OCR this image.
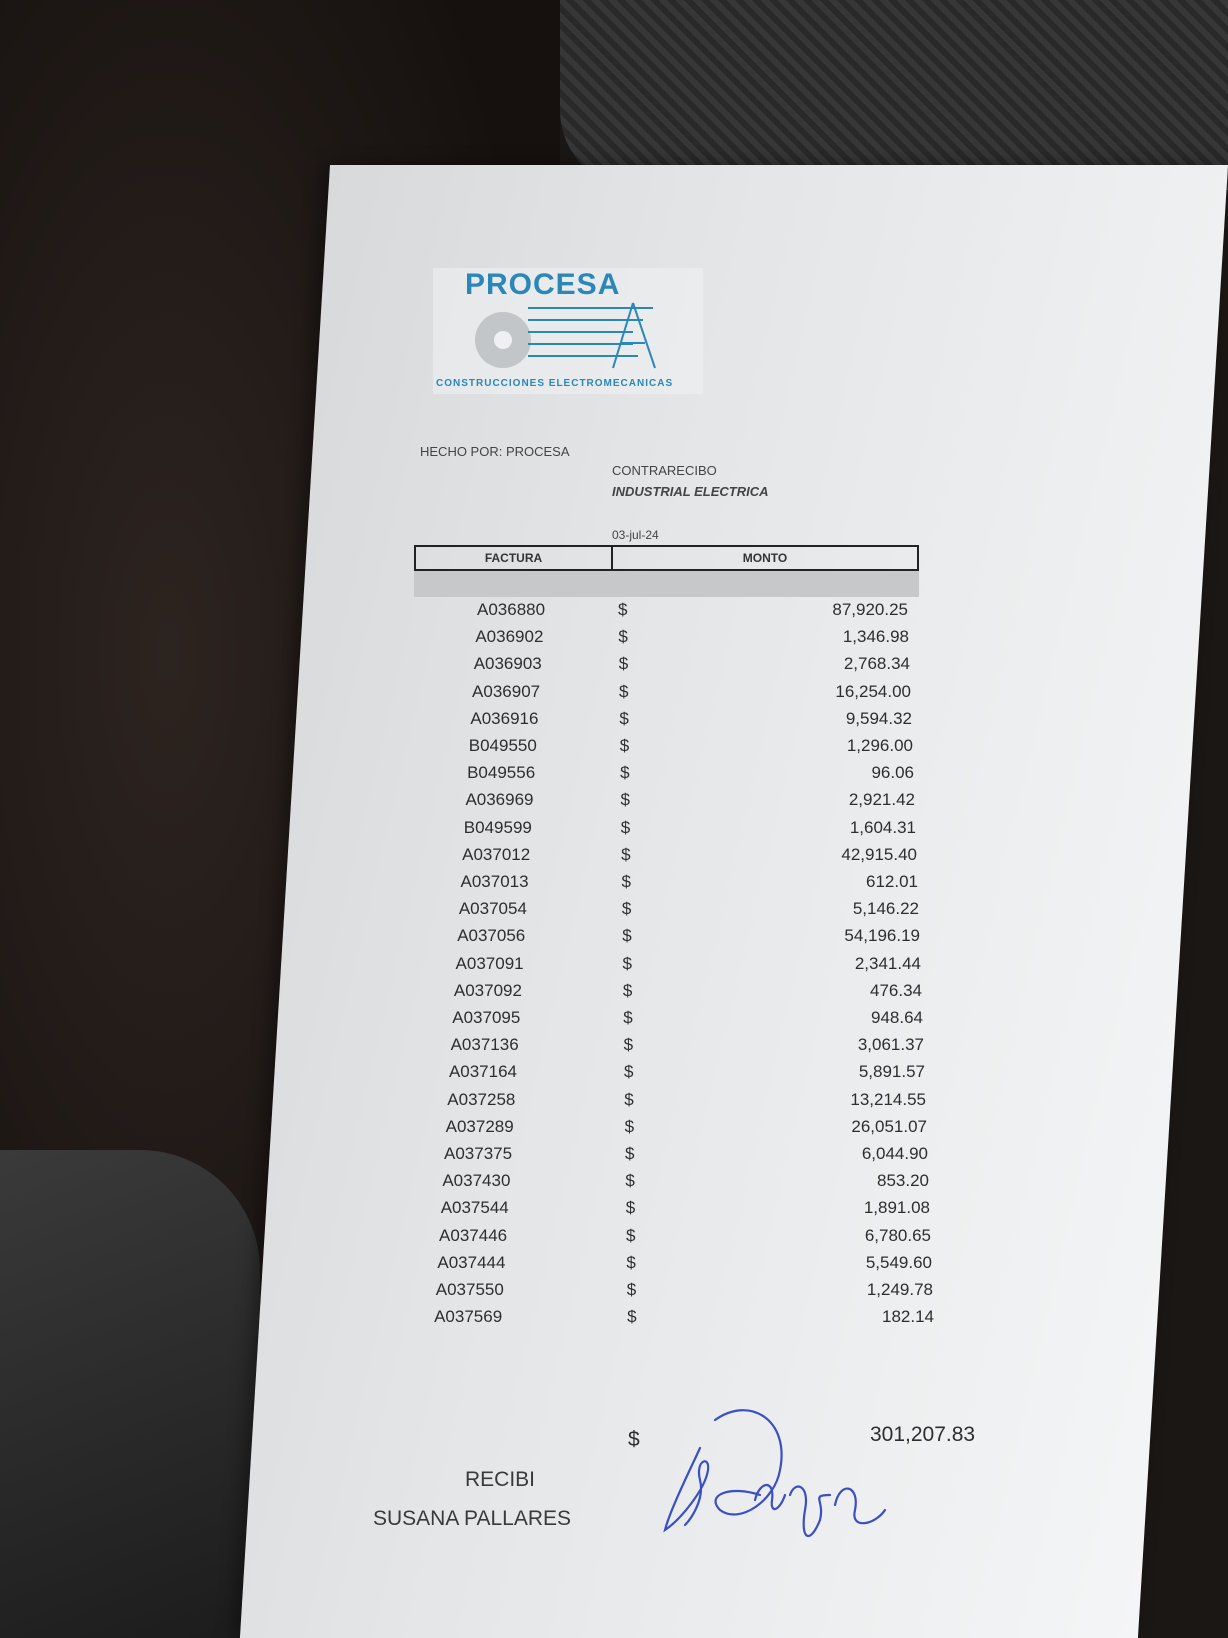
PROCESA
CONSTRUCCIONES ELECTROMECANICAS
HECHO POR: PROCESA
CONTRARECIBO
INDUSTRIAL ELECTRICA
03-jul-24
FACTURA	MONTO
A036880	$	87,920.25
A036902	$	1,346.98
A036903	$	2,768.34
A036907	$	16,254.00
A036916	$	9,594.32
B049550	$	1,296.00
B049556	$	96.06
A036969	$	2,921.42
B049599	$	1,604.31
A037012	$	42,915.40
A037013	$	612.01
A037054	$	5,146.22
A037056	$	54,196.19
A037091	$	2,341.44
A037092	$	476.34
A037095	$	948.64
A037136	$	3,061.37
A037164	$	5,891.57
A037258	$	13,214.55
A037289	$	26,051.07
A037375	$	6,044.90
A037430	$	853.20
A037544	$	1,891.08
A037446	$	6,780.65
A037444	$	5,549.60
A037550	$	1,249.78
A037569	$	182.14
$	301,207.83
RECIBI
SUSANA PALLARES
